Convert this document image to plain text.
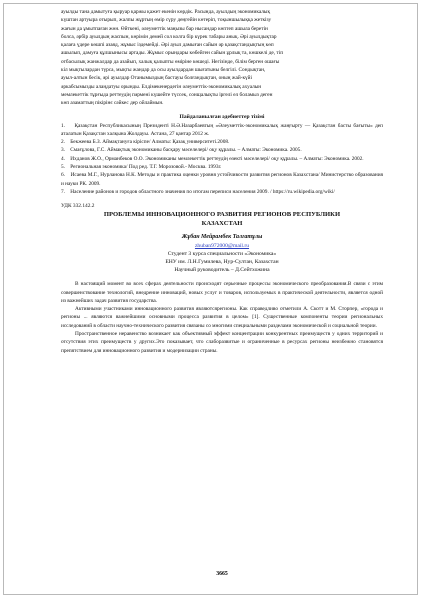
ауылды тана дамытуға қыруар қаржы қажет екенін көрдік. Расында, ауылдың экономикалық

күштан артуыра отырып, жалпы жұртың өмір сүру деңгейін көтеріп, тоқыншылыққа жеткізу

жағын да ұмытпаған жөн. Өйткені, әлеуметтік маңызы бар нысандар көптеп ашыла беретін

болса, әрбір ауылдың жаспын, көрімін демей сол колга бір күрек табары анық. Әрі ауылдықтар

қалаға үдере көшпі азаяд, жұмыс іздемейді. Әрі ауыл дамыған сайын әр қазақстандықтың көп

ашылып, дамуға құлшынысы артады. Жұмыс орындары көбейген сайын ұрлық та, көшкелі де, тіп

отбасылық жанжалдар да азайып, халық қалыпты өміріне көшеді. Негізінде, білім берген ошағы

кіл мықтылардан түрса, мықты жандар да осы ауылдардан шығатыны белгілі. Сондықтан,

ауыл-алтын бесік, әрі ауылдар Отанымыздың бастауы болғандықтан, оның жай-күйі

әркабсымызды алаңдатуы орынды. Елдімекенердегін әлеуметтік-экономикалық ахуалын

мемлекеттік тұрғыда реттеудің пәрмені күшейте түссек, сонщалықты іргелі ел боламыз деген

көп азаматтың пікірінє сәйкес дер ойлаймын.

Пайдаланылған әдебиеттер тізімі
1.    Қазақстан Республикасының Президенті Н.Ә.Назарбаевтың «Әлеуметтік-экономикалық жаңғырту — Қазақстан басты бағыты» деп аталатын Қазақстан халқына Жолдауы. Астана, 27 қантар 2012 ж.
2.    Бекжеева Б.З. Аймақтануға кіріспе/ Алматы: Қазақ университеті.2008.
3.    Смағұлова, Г.С. Аймақтық экономиканы басқару мәселелері/ оқу құралы. – Алматы: Экономика. 2005.
4.    Ихданов Ж.О., Орманбеков О.О. Экономиканы мемлекеттік реттеудің өзекті мәселелері/ оқу құралы. – Алматы: Экономика. 2002.
5.    Региональная экономика/ Под ред. Т.Г. Морозовой.- Москва. 1993г.
6.    Исаева М.Г., Нурланова Н.К. Методы и практика оценки уровня устойчивости развития регионов Казахстана/ Министерство образования и науки РК. 2009.
7.    Население районов и городов областного значения по итогам переписи населения 2009. / https://ru.wikipedia.org/wiki/
УДК 332.142.2
ПРОБЛЕМЫ ИННОВАЦИОННОГО РАЗВИТИЯ РЕГИОНОВ РЕСПУБЛИКИ
КАЗАХСТАН
Жұбан Мейрамбек Талгатұлы
zhuban972000@mail.ru
Студент 3 курса специальности «Экономика»
ЕНУ им. Л.Н.Гумилева, Нур-Султан, Казахстан
Научный руководитель – Д.Сейтхожина

В настоящий момент во всех сферах деятельности происходят серьезные процессы экономического преобразования.В связи с этим совершенствование технологий, внедрение инноваций, новых услуг и товаров, используемых в практической деятельности, является одной из важнейших задач развития государства.

Активными участниками инновационного развития являютсярегионы. Как справедливо отметили А. Скотт и М. Сторпер, «города и регионы ... являются важнейшими основными процесса развития в целом» [1]. Существенные компоненты теории региональных исследований в области научно-технического развития связаны со многими специальными разделами экономической и социальной теории.

Пространственное неравенство возникает как объективный эффект концентрации конкурентных преимуществ у одних территорий и отсутствия этих преимуществ у других.Это показывает, что слаборазвитые и ограниченные в ресурсах регионы неизбежно становятся препятствием для инновационного развития и модернизации страны.

3665
